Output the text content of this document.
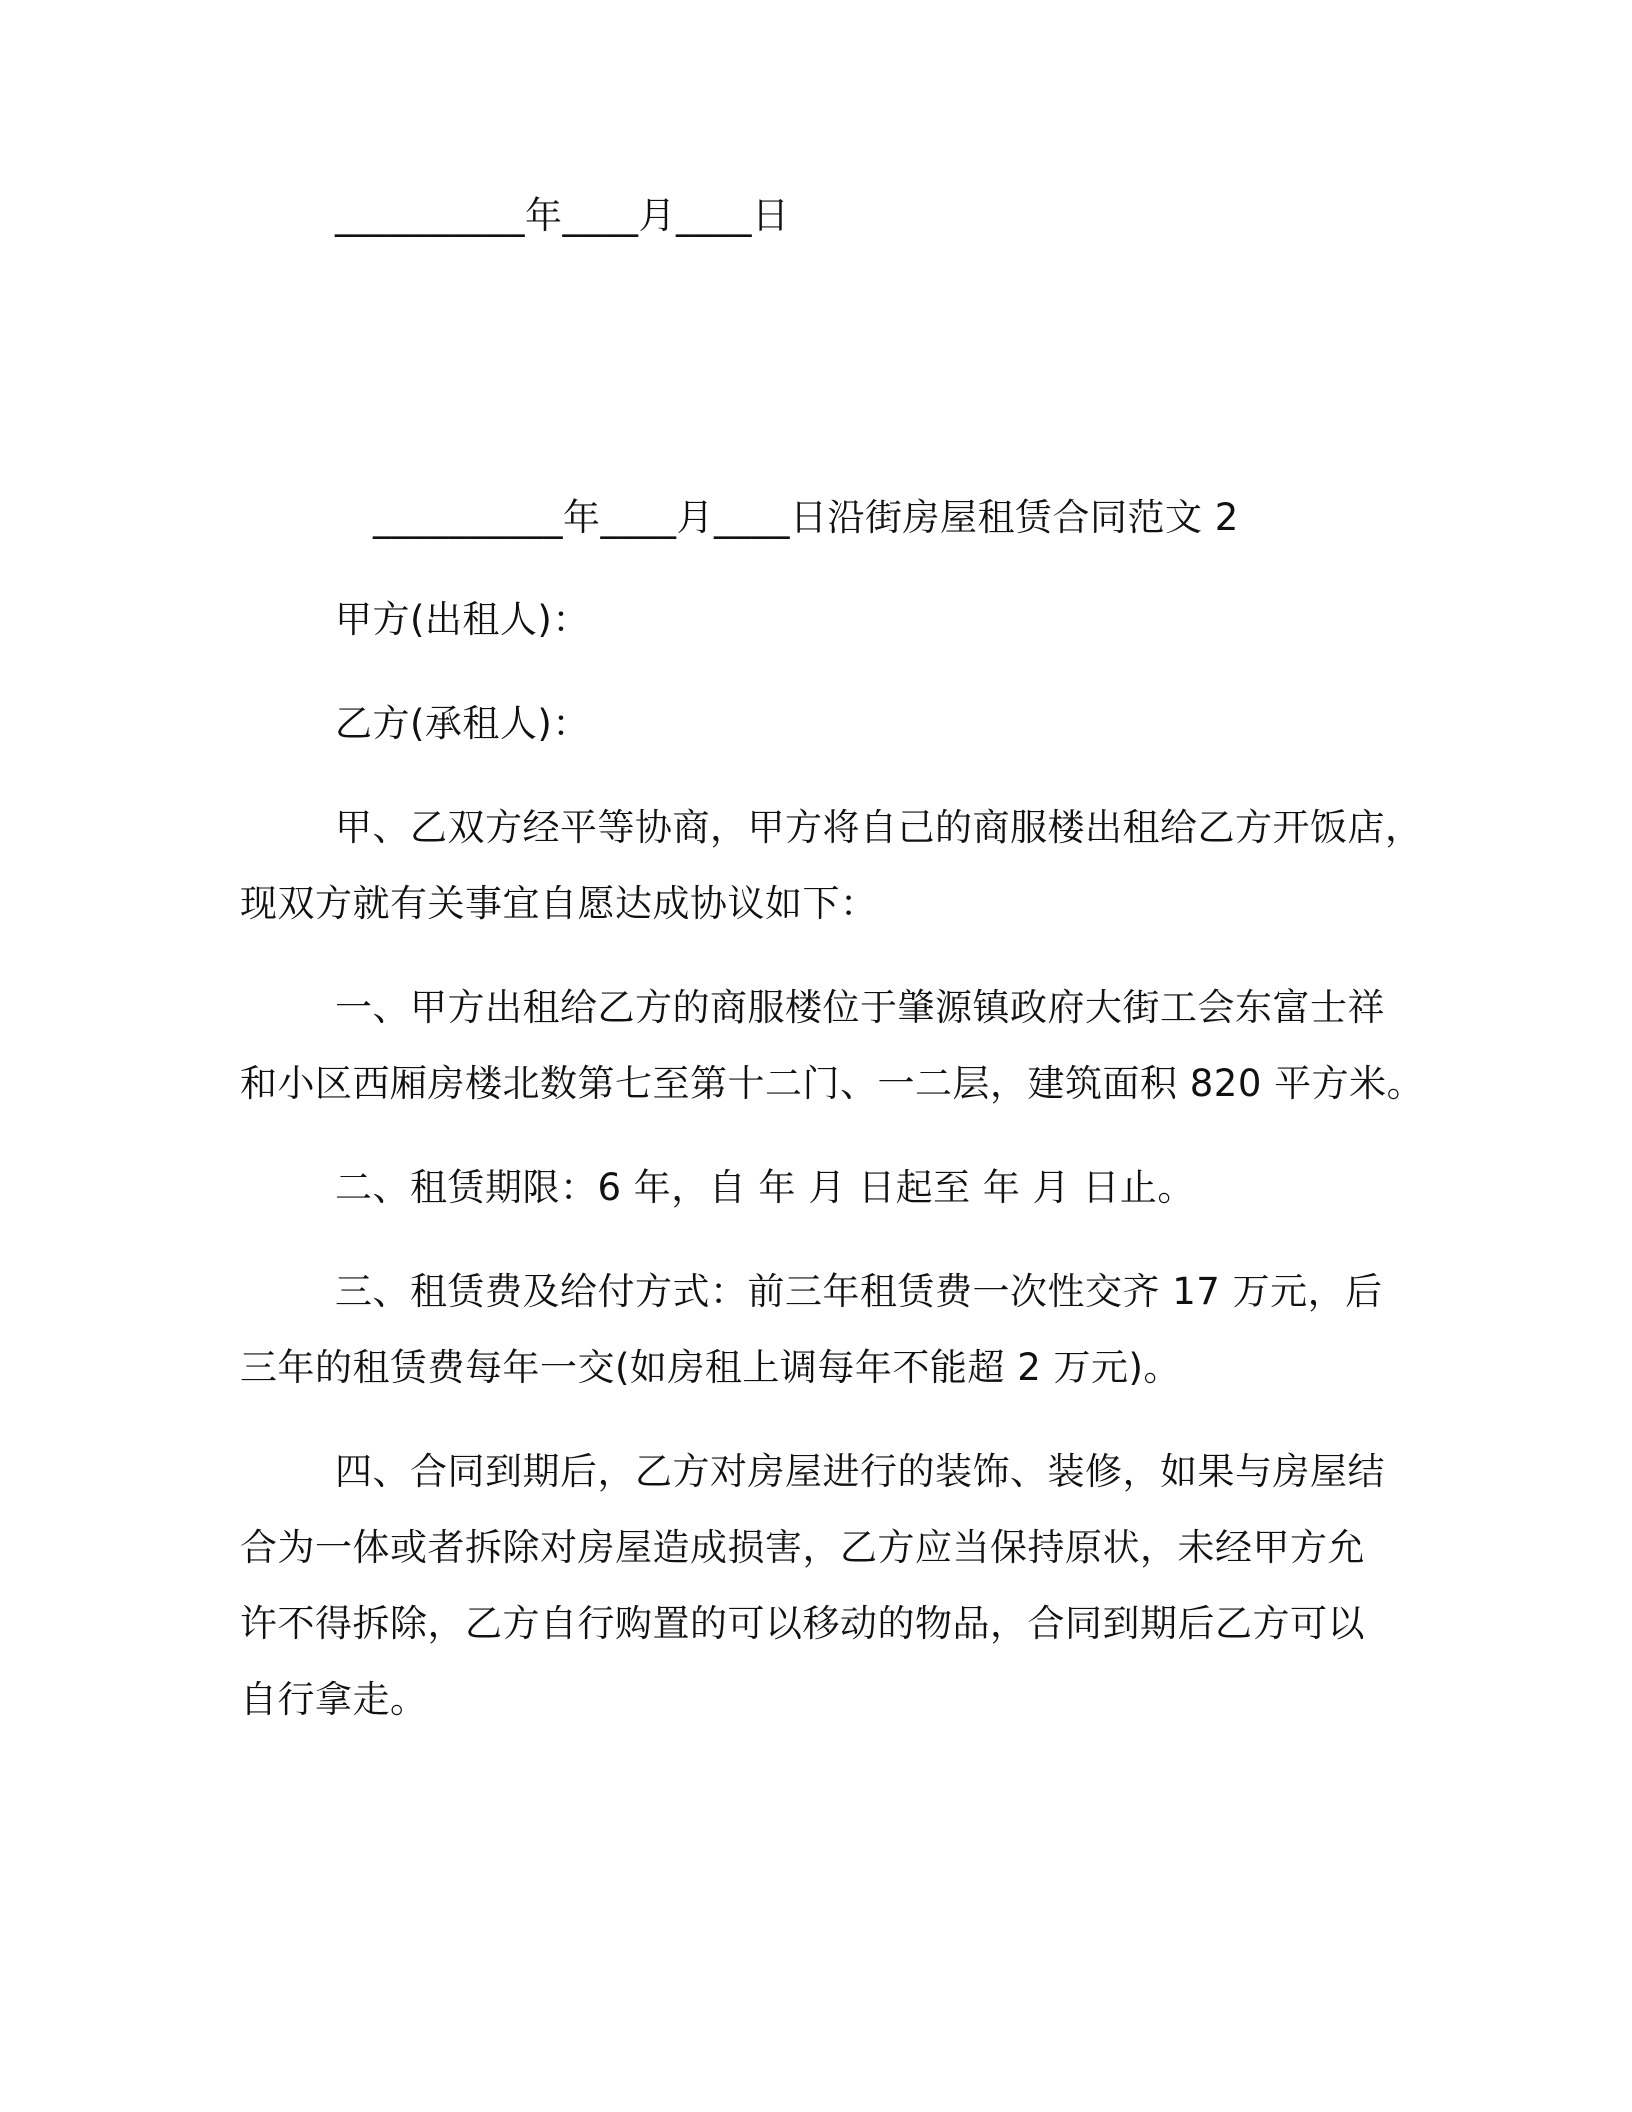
__________年____月____日
__________年____月____日沿街房屋租赁合同范文 2
甲方(出租人)：
乙方(承租人)：
甲、乙双方经平等协商，甲方将自己的商服楼出租给乙方开饭店，
现双方就有关事宜自愿达成协议如下：
一、甲方出租给乙方的商服楼位于肇源镇政府大街工会东富士祥
和小区西厢房楼北数第七至第十二门、一二层，建筑面积 820 平方米。
二、租赁期限：6 年，自 年 月 日起至 年 月 日止。
三、租赁费及给付方式：前三年租赁费一次性交齐 17 万元，后
三年的租赁费每年一交(如房租上调每年不能超 2 万元)。
四、合同到期后，乙方对房屋进行的装饰、装修，如果与房屋结
合为一体或者拆除对房屋造成损害，乙方应当保持原状，未经甲方允
许不得拆除，乙方自行购置的可以移动的物品，合同到期后乙方可以
自行拿走。
